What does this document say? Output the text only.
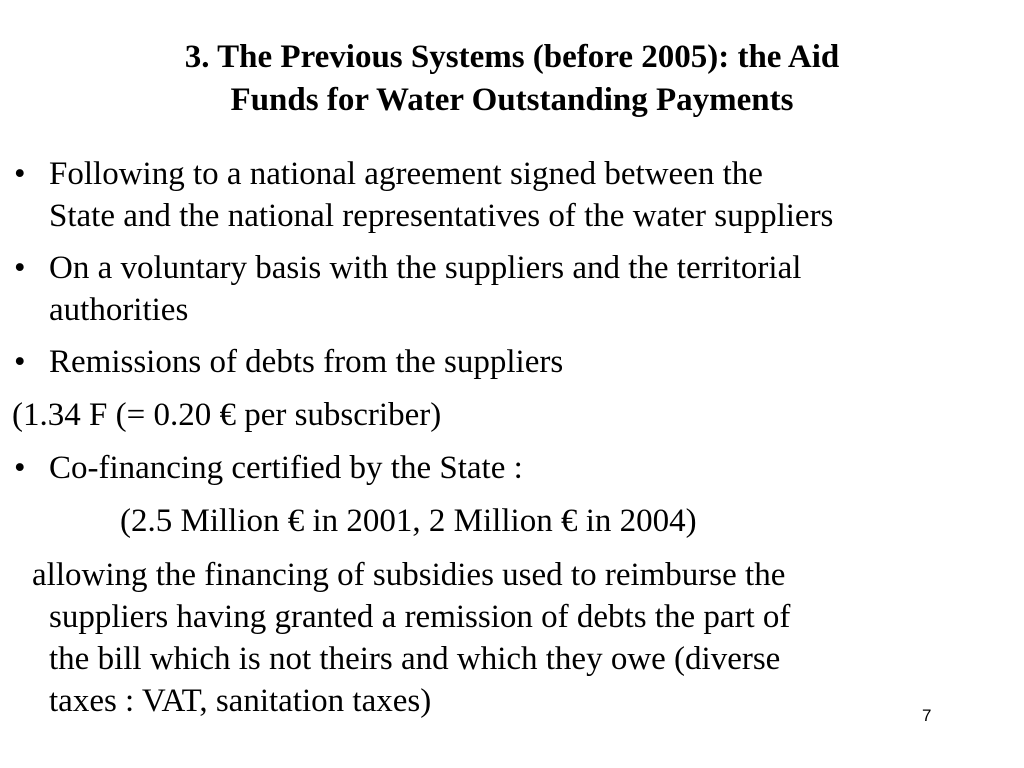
3. The Previous Systems (before 2005): the Aid
Funds for Water Outstanding Payments
• Following to a national agreement signed between the
State and the national representatives of the water suppliers
• On a voluntary basis with the suppliers and the territorial
authorities
• Remissions of debts from the suppliers
(1.34 F (= 0.20 € per subscriber)
• Co-financing certified by the State :
(2.5 Million € in 2001, 2 Million € in 2004)
allowing the financing of subsidies used to reimburse the
suppliers having granted a remission of debts the part of
the bill which is not theirs and which they owe (diverse
taxes : VAT, sanitation taxes)	7
